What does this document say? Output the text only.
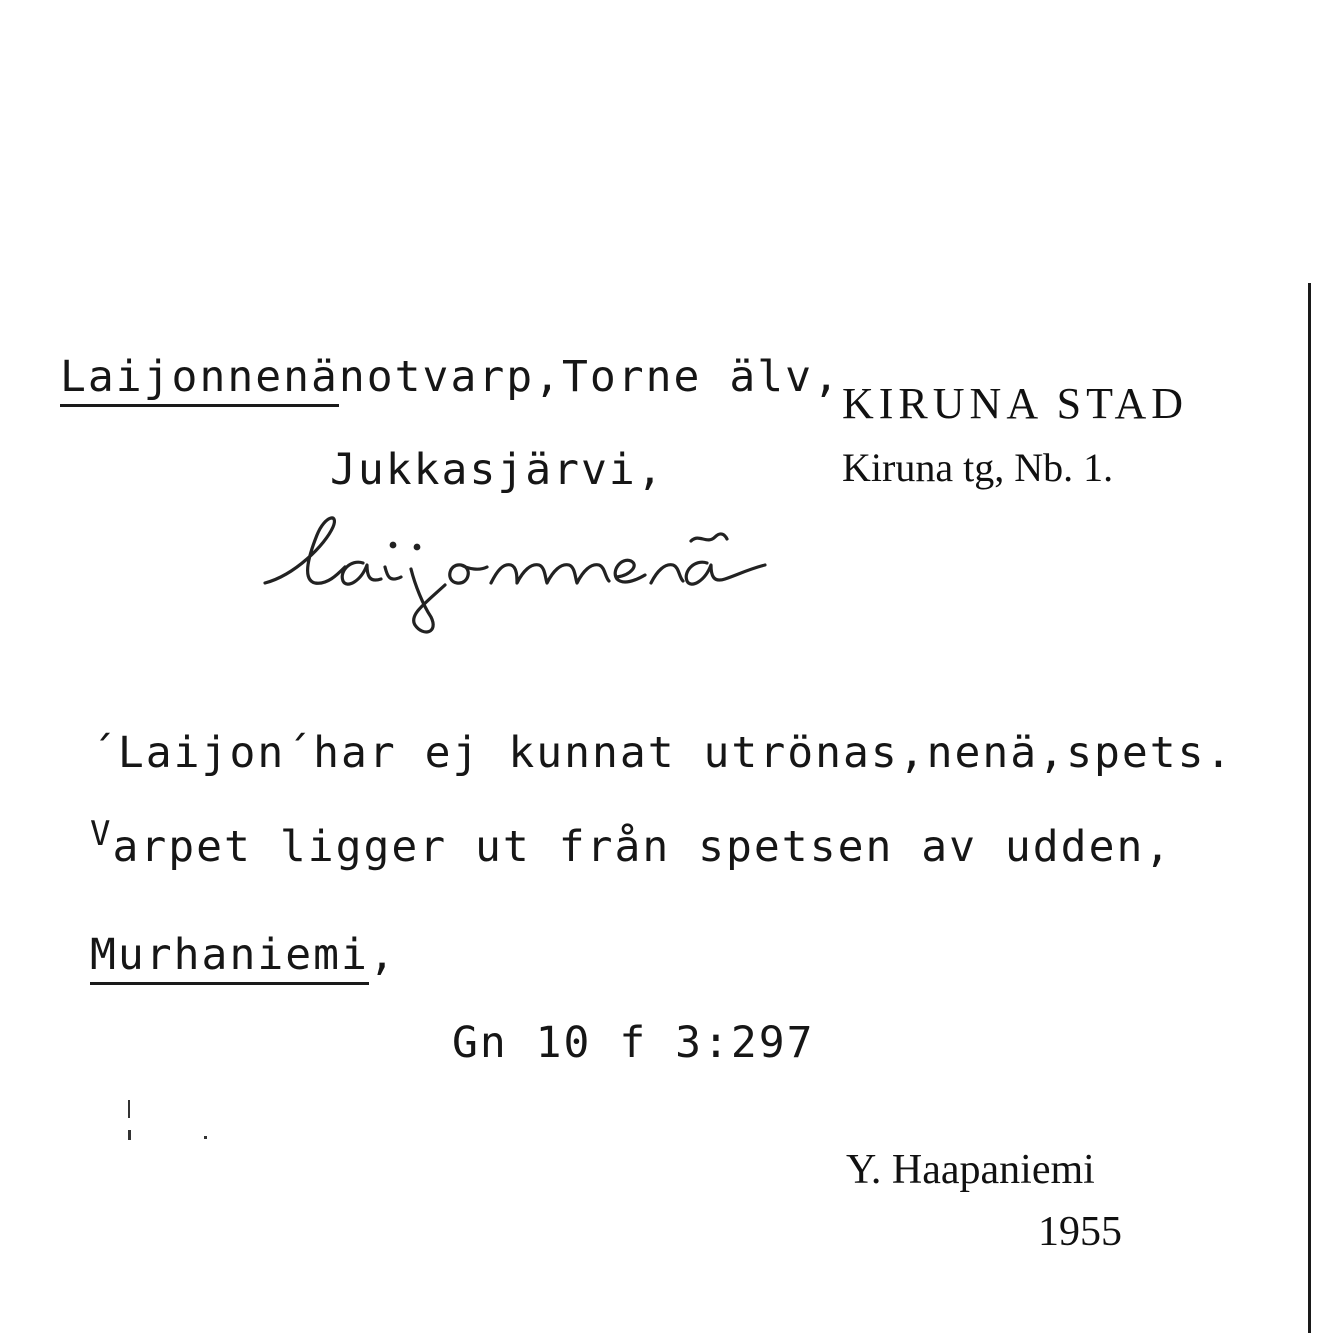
Laijonnenänotvarp,Torne älv,
Jukkasjärvi,
KIRUNA STAD
Kiruna tg, Nb. 1.
´Laijon´har ej kunnat utrönas,nenä,spets.
$^V$arpet ligger ut från spetsen av udden,
Murhaniemi,
Gn 10 f 3:297
Y. Haapaniemi
1955
